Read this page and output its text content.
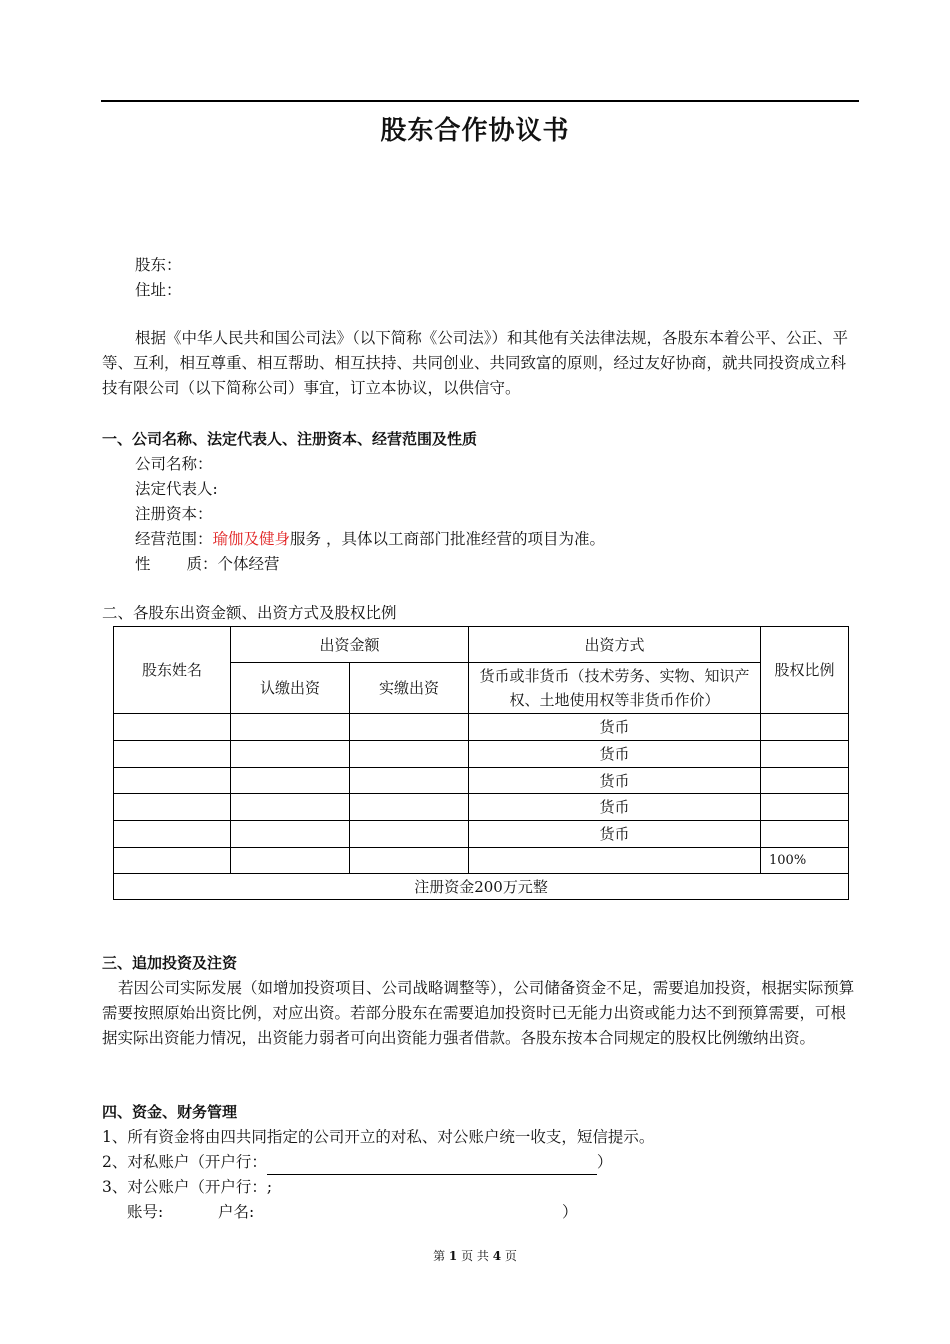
股东合作协议书
股东：
住址：
根据《中华人民共和国公司法》（以下简称《公司法》）和其他有关法律法规，各股东本着公平、公正、平等、互利，相互尊重、相互帮助、相互扶持、共同创业、共同致富的原则，经过友好协商，就共同投资成立科技有限公司（以下简称公司）事宜，订立本协议，以供信守。
一、公司名称、法定代表人、注册资本、经营范围及性质
公司名称：
法定代表人:
注册资本：
经营范围：瑜伽及健身服务 ，具体以工商部门批准经营的项目为准。
性 质：个体经营
二、各股东出资金额、出资方式及股权比例
股东姓名	出资金额		出资方式	股权比例
	认缴出资	实缴出资	货币或非货币（技术劳务、实物、知识产权、土地使用权等非货币作价）	
			货币	
			货币	
			货币	
			货币	
			货币	
				100%
注册资金200万元整				
三、追加投资及注资
若因公司实际发展（如增加投资项目、公司战略调整等），公司储备资金不足，需要追加投资，根据实际预算需要按照原始出资比例，对应出资。若部分股东在需要追加投资时已无能力出资或能力达不到预算需要，可根据实际出资能力情况，出资能力弱者可向出资能力强者借款。各股东按本合同规定的股权比例缴纳出资。
四、资金、财务管理
1、所有资金将由四共同指定的公司开立的对私、对公账户统一收支，短信提示。
2、对私账户（开户行：	）
3、对公账户（开户行：;
账号:	户名:	）
第 1 页 共 4 页
